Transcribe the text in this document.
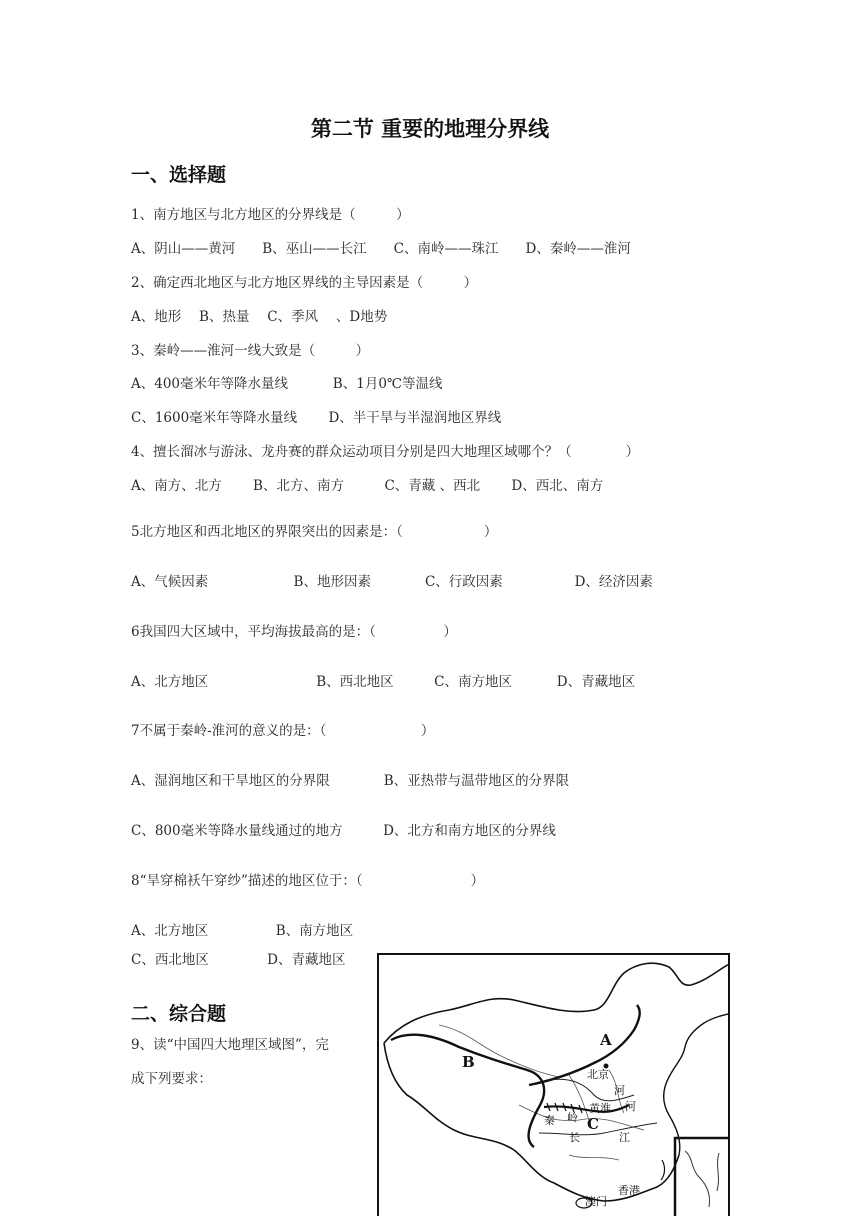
第二节 重要的地理分界线
一、选择题
1、南方地区与北方地区的分界线是（　　　）
A、阴山——黄河　　B、巫山——长江　　C、南岭——珠江　　D、秦岭——淮河
2、确定西北地区与北方地区界线的主导因素是（　　　）
A、地形　 B、热量　 C、季风　 、D地势
3、秦岭——淮河一线大致是（　　　）
A、400毫米年等降水量线　　　 B、1月0℃等温线
C、1600毫米年等降水量线　　 D、半干旱与半湿润地区界线
4、擅长溜冰与游泳、龙舟赛的群众运动项目分别是四大地理区域哪个？（　　　　）
A、南方、北方　　 B、北方、南方　　　C、青藏 、西北　　 D、西北、南方
5北方地区和西北地区的界限突出的因素是：（　　　　　　）
A、气候因素　　　　　　 B、地形因素　　　　C、行政因素　　　　　 D、经济因素
6我国四大区域中，平均海拔最高的是：（　　　　　）
A、北方地区　　　　　　　　B、西北地区　　　C、南方地区　　　 D、青藏地区
7不属于秦岭-淮河的意义的是：（　　　　　　　）
A、湿润地区和干旱地区的分界限　　　　B、亚热带与温带地区的分界限
C、800毫米等降水量线通过的地方　　　D、北方和南方地区的分界线
8“旱穿棉袄午穿纱”描述的地区位于：（　　　　　　　　）
A、北方地区　　　　　B、南方地区
C、西北地区　　　　 D、青藏地区
二、综合题
9、读“中国四大地理区域图”，完
成下列要求：
A
B
C
北京
河
黄淮 河
秦 岭
长	江
香港
澳门
